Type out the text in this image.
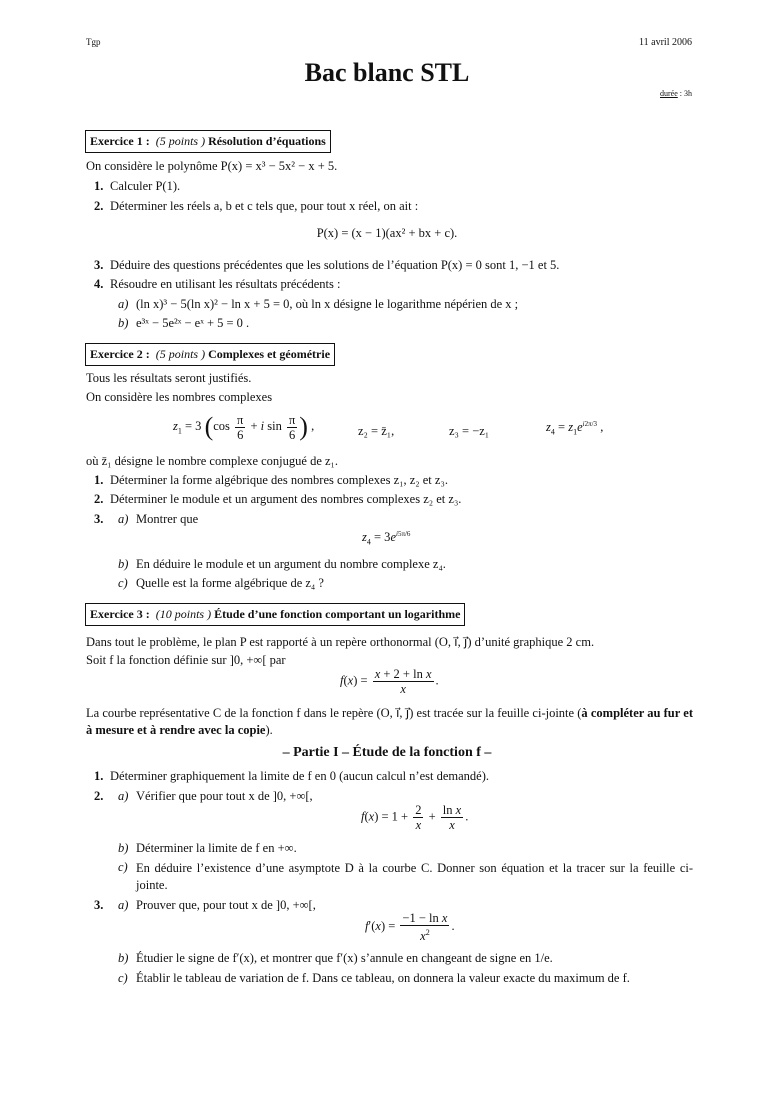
Tgp	11 avril 2006
Bac blanc STL
durée : 3h
Exercice 1 : (5 points ) Résolution d’équations
On considère le polynôme P(x) = x³ − 5x² − x + 5.
1. Calculer P(1).
2. Déterminer les réels a, b et c tels que, pour tout x réel, on ait :
P(x) = (x − 1)(ax² + bx + c).
3. Déduire des questions précédentes que les solutions de l’équation P(x) = 0 sont 1, −1 et 5.
4. Résoudre en utilisant les résultats précédents :
a) (ln x)³ − 5(ln x)² − ln x + 5 = 0, où ln x désigne le logarithme népérien de x ;
b) e³ˣ − 5e²ˣ − eˣ + 5 = 0 .
Exercice 2 : (5 points ) Complexes et géométrie
Tous les résultats seront justifiés.
On considère les nombres complexes
$z_1 = 3$ ($\cos \frac{\pi}{6} + i$ $\sin \frac{\pi}{6}$ ) ,	z₂ = z̄₁,	z₃ = −z₁	$z_4 = z_1e^{i2\pi/3}$ ,
où z̄₁ désigne le nombre complexe conjugué de z₁.
1. Déterminer la forme algébrique des nombres complexes z₁, z₂ et z₃.
2. Déterminer le module et un argument des nombres complexes z₂ et z₃.
3. a) Montrer que
$z_4 = 3e^{i5\pi/6}$
b) En déduire le module et un argument du nombre complexe z₄.
c) Quelle est la forme algébrique de z₄ ?
Exercice 3 : (10 points ) Étude d’une fonction comportant un logarithme
Dans tout le problème, le plan P est rapporté à un repère orthonormal (O, i⃗, j⃗) d’unité graphique 2 cm.
Soit f la fonction définie sur ]0, +∞[ par
$f(x) = \frac{\text{x + 2 + ln x}}{x}$ .
La courbe représentative C de la fonction f dans le repère (O, i⃗, j⃗) est tracée sur la feuille ci-jointe (à compléter au fur et à mesure et à rendre avec la copie).
– Partie I – Étude de la fonction f –
1. Déterminer graphiquement la limite de f en 0 (aucun calcul n’est demandé).
2. a) Vérifier que pour tout x de ]0, +∞[,
$f(x) = 1 + \frac{2}{x} + \frac{\text{ln x}}{x}$ .
b) Déterminer la limite de f en +∞.
c) En déduire l’existence d’une asymptote D à la courbe C. Donner son équation et la tracer sur la feuille ci-jointe.
3. a) Prouver que, pour tout x de ]0, +∞[,
$f'(x) = \frac{\text{−1 − ln x}}{x^2}$ .
b) Étudier le signe de f′(x), et montrer que f′(x) s’annule en changeant de signe en 1/e.
c) Établir le tableau de variation de f. Dans ce tableau, on donnera la valeur exacte du maximum de f.
